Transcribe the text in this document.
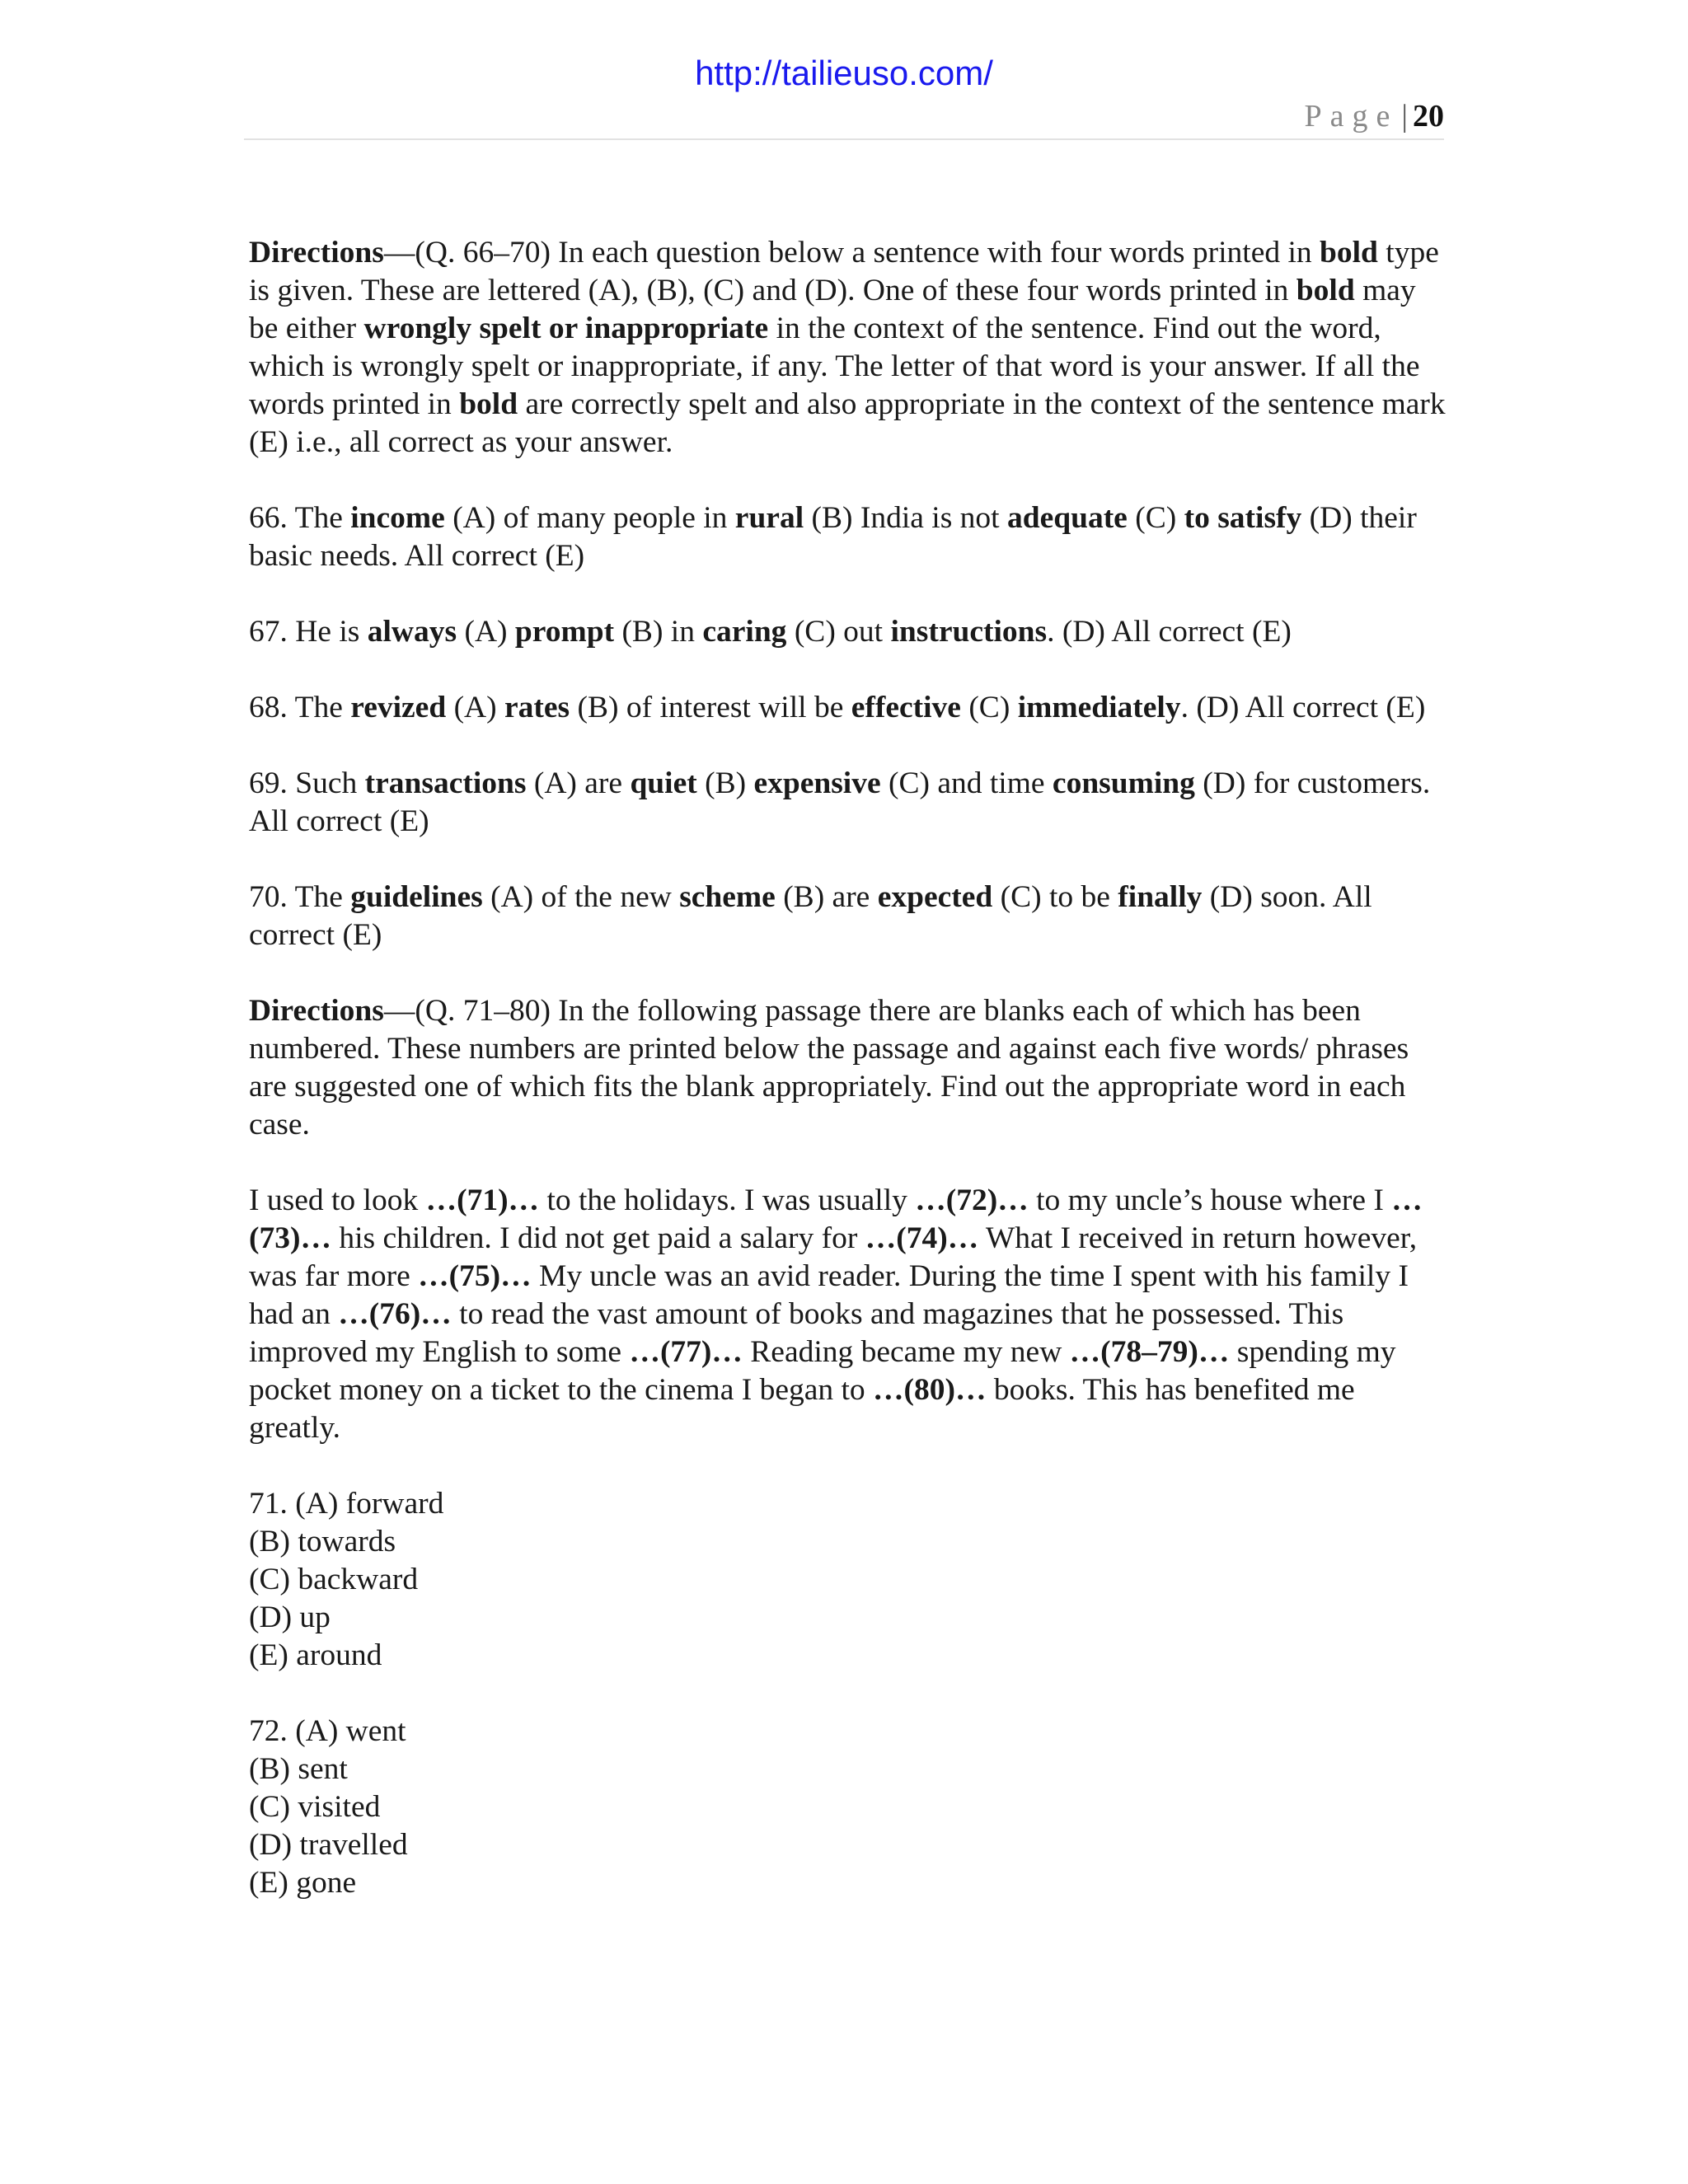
http://tailieuso.com/
Page | 20

Directions—(Q. 66–70) In each question below a sentence with four words printed in bold type is given. These are lettered (A), (B), (C) and (D). One of these four words printed in bold may be either wrongly spelt or inappropriate in the context of the sentence. Find out the word, which is wrongly spelt or inappropriate, if any. The letter of that word is your answer. If all the words printed in bold are correctly spelt and also appropriate in the context of the sentence mark (E) i.e., all correct as your answer.

66. The income (A) of many people in rural (B) India is not adequate (C) to satisfy (D) their basic needs. All correct (E)

67. He is always (A) prompt (B) in caring (C) out instructions. (D) All correct (E)

68. The revized (A) rates (B) of interest will be effective (C) immediately. (D) All correct (E)

69. Such transactions (A) are quiet (B) expensive (C) and time consuming (D) for customers. All correct (E)

70. The guidelines (A) of the new scheme (B) are expected (C) to be finally (D) soon. All correct (E)

Directions—(Q. 71–80) In the following passage there are blanks each of which has been numbered. These numbers are printed below the passage and against each five words/ phrases are suggested one of which fits the blank appropriately. Find out the appropriate word in each case.

I used to look …(71)… to the holidays. I was usually …(72)… to my uncle’s house where I …(73)… his children. I did not get paid a salary for …(74)… What I received in return however, was far more …(75)… My uncle was an avid reader. During the time I spent with his family I had an …(76)… to read the vast amount of books and magazines that he possessed. This improved my English to some …(77)… Reading became my new …(78–79)… spending my pocket money on a ticket to the cinema I began to …(80)… books. This has benefited me greatly.

71. (A) forward
(B) towards
(C) backward
(D) up
(E) around
72. (A) went
(B) sent
(C) visited
(D) travelled
(E) gone
